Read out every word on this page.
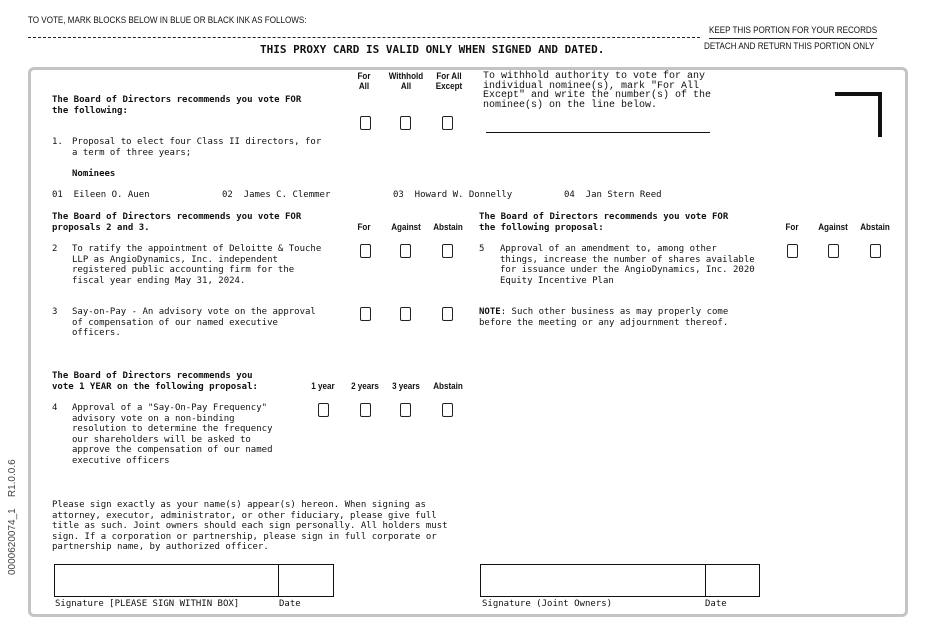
TO VOTE, MARK BLOCKS BELOW IN BLUE OR BLACK INK AS FOLLOWS:
KEEP THIS PORTION FOR YOUR RECORDS
DETACH AND RETURN THIS PORTION ONLY
THIS PROXY CARD IS VALID ONLY WHEN SIGNED AND DATED.
0000620074_1    R1.0.0.6
For
All
Withhold
All
For All
Except
To withhold authority to vote for any
individual nominee(s), mark "For All
Except" and write the number(s) of the
nominee(s) on the line below.
The Board of Directors recommends you vote FOR
the following:
1. Proposal to elect four Class II directors, for
a term of three years;
Nominees
01  Eileen O. Auen	02  James C. Clemmer	03  Howard W. Donnelly	04  Jan Stern Reed
The Board of Directors recommends you vote FOR
proposals 2 and 3.	For	Against	Abstain
2 To ratify the appointment of Deloitte & Touche
LLP as AngioDynamics, Inc. independent
registered public accounting firm for the
fiscal year ending May 31, 2024.
3 Say-on-Pay - An advisory vote on the approval
of compensation of our named executive
officers.
The Board of Directors recommends you vote FOR
the following proposal:	For	Against	Abstain
5 Approval of an amendment to, among other
things, increase the number of shares available
for issuance under the AngioDynamics, Inc. 2020
Equity Incentive Plan
NOTE: Such other business as may properly come
before the meeting or any adjournment thereof.
The Board of Directors recommends you
vote 1 YEAR on the following proposal:	1 year	2 years	3 years	Abstain
4 Approval of a "Say-On-Pay Frequency"
advisory vote on a non-binding
resolution to determine the frequency
our shareholders will be asked to
approve the compensation of our named
executive officers
Please sign exactly as your name(s) appear(s) hereon. When signing as
attorney, executor, administrator, or other fiduciary, please give full
title as such. Joint owners should each sign personally. All holders must
sign. If a corporation or partnership, please sign in full corporate or
partnership name, by authorized officer.
Signature [PLEASE SIGN WITHIN BOX]	Date	Signature (Joint Owners)	Date
